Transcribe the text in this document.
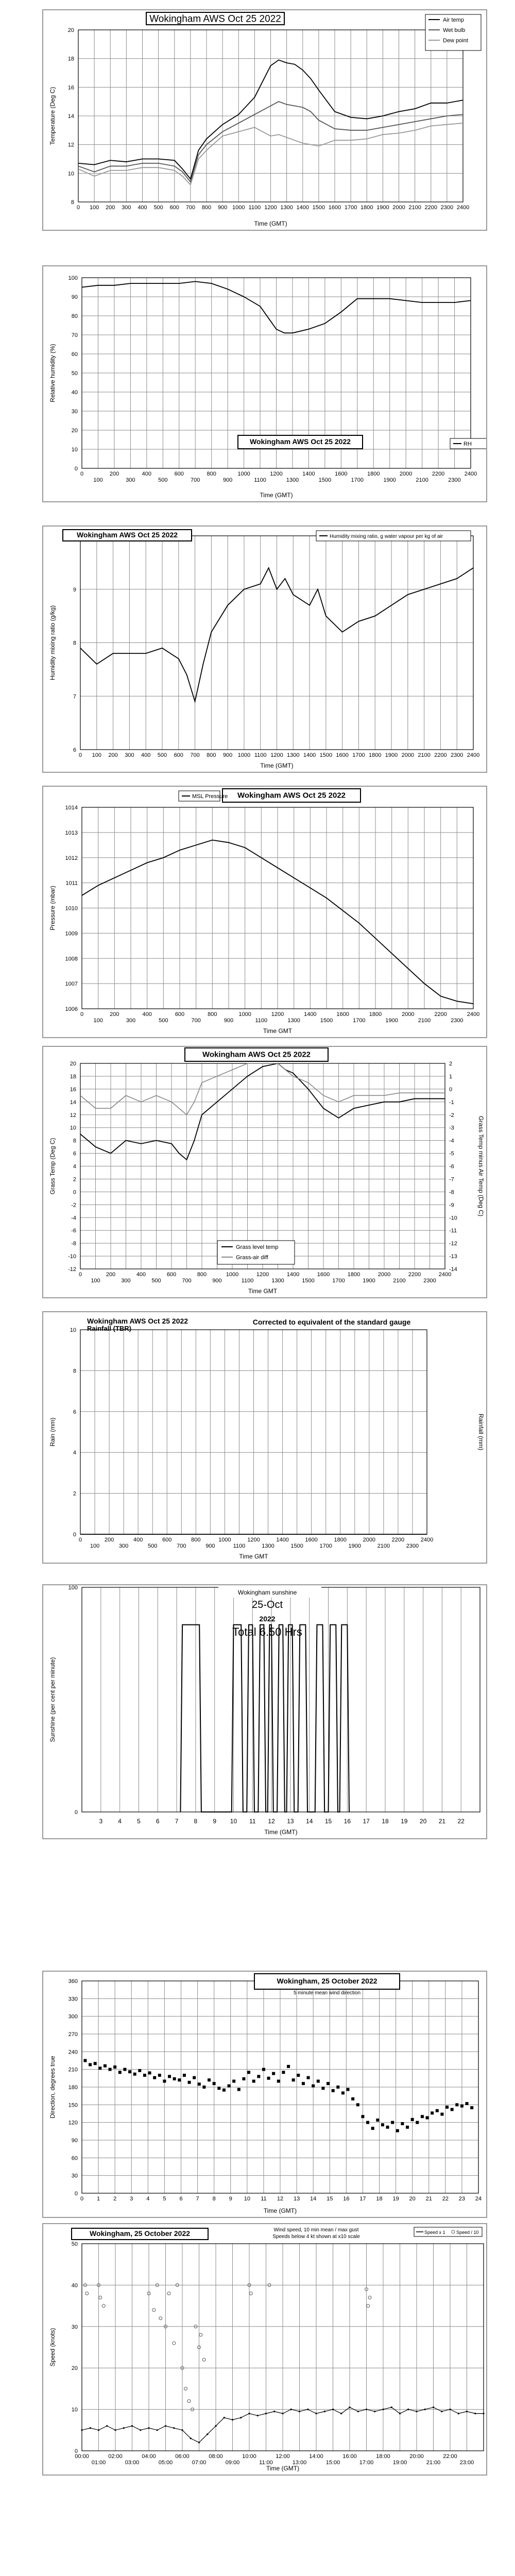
8
10
12
14
16
18
20
0 100 200 300 400 500 600 700 800 900 1000 1100 1200 1300 1400 1500 1600 1700 1800 1900 2000 2100 2200 2300 2400
Time (GMT)
Temperature (Deg C)
Wokingham AWS Oct 25 2022	Air temp
Wet bulb
Dew point
0
10
20
30
40
50
60
70
80
90
100
0	200	400	600	800	1000	1200	1400	1600	1800	2000	2200	2400
100	300	500	700	900	1100	1300	1500	1700	1900	2100	2300
Time (GMT)
Relative humidity (%)
Wokingham AWS Oct 25 2022	RH
6
7
8
9
0 100 200 300 400 500 600 700 800 900 1000 1100 1200 1300 1400 1500 1600 1700 1800 1900 2000 2100 2200 2300 2400
Time (GMT)
Humidity mixing ratio (g/kg)
Wokingham AWS Oct 25 2022	Humidity mixing ratio, g water vapour per kg of air
1006
1007
1008
1009
1010
1011
1012
1013
1014
0	200	400	600	800	1000	1200	1400	1600	1800	2000	2200	2400
100	300	500	700	900	1100	1300	1500	1700	1900	2100	2300
Time GMT
Pressure (mbar)
Wokingham AWS Oct 25 2022
MSL Pressure
-12
-10
-8
-6
-4
-2
0
2
4
6
8
10
12
14
16
18
20
-14
-13
-12
-11
-10
-9
-8
-7
-6
-5
-4
-3
-2
-1
0
1
2
0	200	400	600	800	1000	1200	1400	1600	1800	2000	2200	2400
100	300	500	700	900	1100	1300	1500	1700	1900	2100	2300
Time GMT
Grass Temp (Deg C)	Grass Temp minus Air Temp (Deg C)
Wokingham AWS Oct 25 2022
Grass level temp
Grass-air diff
0
2
4
6
8
10
0	200	400	600	800	1000	1200	1400	1600	1800	2000	2200	2400
100	300	500	700	900	1100	1300	1500	1700	1900	2100	2300
Time GMT
Rain (mm)	Rainfall (mm)
Wokingham AWS Oct 25 2022
Rainfall (TBR)
Corrected to equivalent of the standard gauge
0
100
3	4	5	6	7	8	9 10 11 12 13 14 15 16 17 18 19 20 21 22
Time (GMT)
Sunshine (per cent per minute)
Wokingham sunshine
25-Oct
2022
Total 6.50 Hrs
0
30
60
90
120
150
180
210
240
270
300
330
360
0 1 2 3 4 5 6 7 8 9 10 11 12 13 14 15 16 17 18 19 20 21 22 23 24
Time (GMT)
Direction, degrees true
Wokingham, 25 October 2022
5 minute mean wind direction
0
10
20
30
40
50
00:00	02:00	04:00	06:00	08:00	10:00	12:00	14:00	16:00	18:00	20:00	22:00
01:00	03:00	05:00	07:00	09:00	11:00	13:00	15:00	17:00	19:00	21:00	23:00
Time (GMT)
Speed (knots)
Wokingham, 25 October 2022	Wind speed, 10 min mean / max gust
Speeds below 4 kt shown at x10 scale
Speed x 1 Speed / 10
